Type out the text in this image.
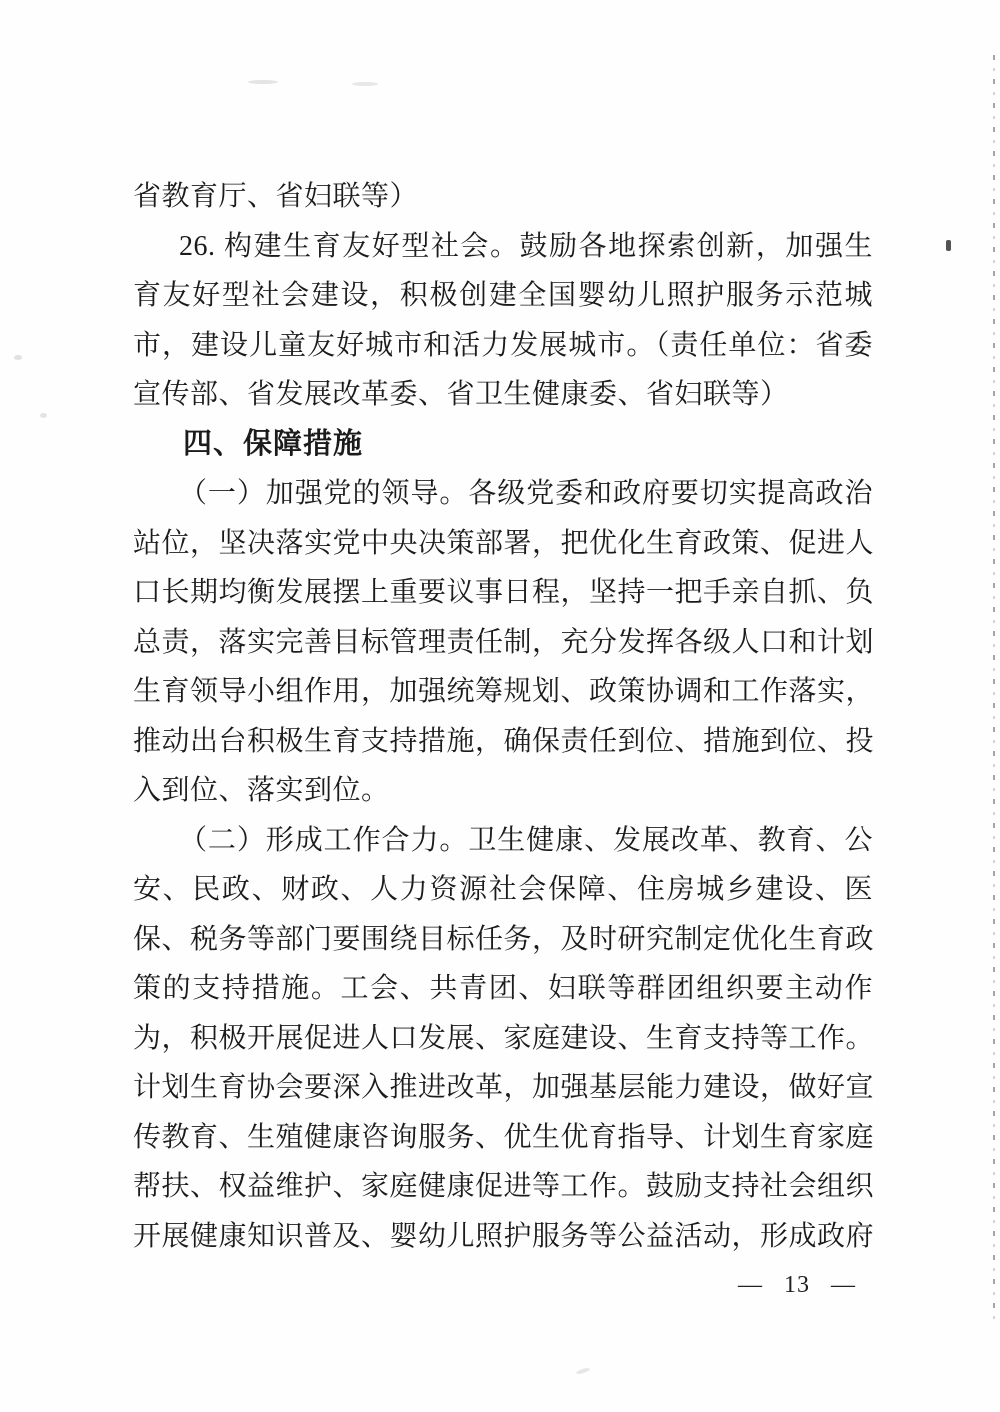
省教育厅、省妇联等）
26. 构建生育友好型社会。鼓励各地探索创新，加强生
育友好型社会建设，积极创建全国婴幼儿照护服务示范城
市，建设儿童友好城市和活力发展城市。（责任单位：省委
宣传部、省发展改革委、省卫生健康委、省妇联等）
四、保障措施
（一）加强党的领导。各级党委和政府要切实提高政治
站位，坚决落实党中央决策部署，把优化生育政策、促进人
口长期均衡发展摆上重要议事日程，坚持一把手亲自抓、负
总责，落实完善目标管理责任制，充分发挥各级人口和计划
生育领导小组作用，加强统筹规划、政策协调和工作落实，
推动出台积极生育支持措施，确保责任到位、措施到位、投
入到位、落实到位。
（二）形成工作合力。卫生健康、发展改革、教育、公
安、民政、财政、人力资源社会保障、住房城乡建设、医
保、税务等部门要围绕目标任务，及时研究制定优化生育政
策的支持措施。工会、共青团、妇联等群团组织要主动作
为，积极开展促进人口发展、家庭建设、生育支持等工作。
计划生育协会要深入推进改革，加强基层能力建设，做好宣
传教育、生殖健康咨询服务、优生优育指导、计划生育家庭
帮扶、权益维护、家庭健康促进等工作。鼓励支持社会组织
开展健康知识普及、婴幼儿照护服务等公益活动，形成政府
— 13 —
